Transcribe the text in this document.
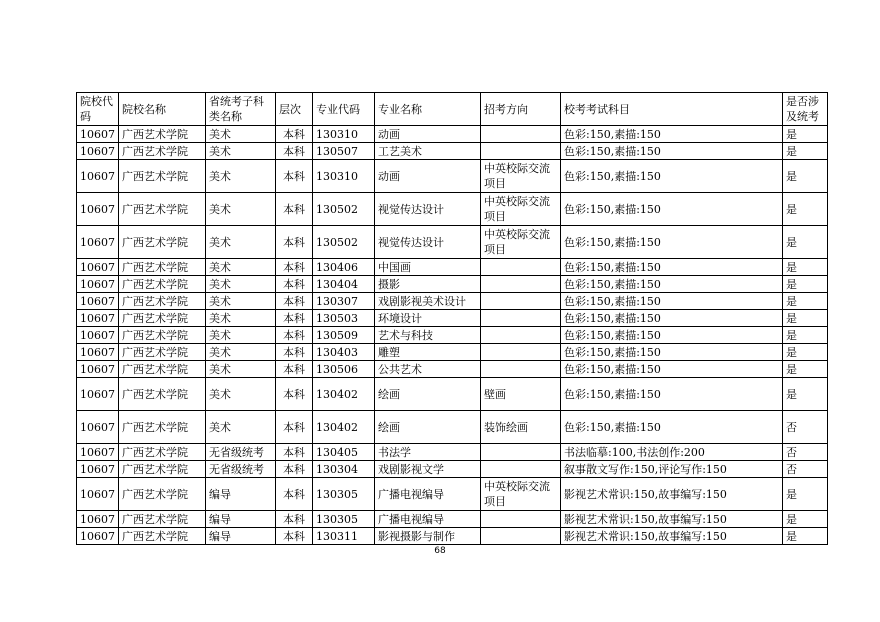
院校代码	院校名称	省统考子科类名称	层次	专业代码	专业名称	招考方向	校考考试科目	是否涉及统考

10607	广西艺术学院	美术	本科	130310	动画		色彩:150,素描:150	是
10607	广西艺术学院	美术	本科	130507	工艺美术		色彩:150,素描:150	是
10607	广西艺术学院	美术	本科	130310	动画	中英校际交流项目	色彩:150,素描:150	是
10607	广西艺术学院	美术	本科	130502	视觉传达设计	中英校际交流项目	色彩:150,素描:150	是
10607	广西艺术学院	美术	本科	130502	视觉传达设计	中英校际交流项目	色彩:150,素描:150	是
10607	广西艺术学院	美术	本科	130406	中国画		色彩:150,素描:150	是
10607	广西艺术学院	美术	本科	130404	摄影		色彩:150,素描:150	是
10607	广西艺术学院	美术	本科	130307	戏剧影视美术设计		色彩:150,素描:150	是
10607	广西艺术学院	美术	本科	130503	环境设计		色彩:150,素描:150	是
10607	广西艺术学院	美术	本科	130509	艺术与科技		色彩:150,素描:150	是
10607	广西艺术学院	美术	本科	130403	雕塑		色彩:150,素描:150	是
10607	广西艺术学院	美术	本科	130506	公共艺术		色彩:150,素描:150	是
10607	广西艺术学院	美术	本科	130402	绘画	壁画	色彩:150,素描:150	是
10607	广西艺术学院	美术	本科	130402	绘画	装饰绘画	色彩:150,素描:150	否
10607	广西艺术学院	无省级统考	本科	130405	书法学		书法临摹:100,书法创作:200	否
10607	广西艺术学院	无省级统考	本科	130304	戏剧影视文学		叙事散文写作:150,评论写作:150	否
10607	广西艺术学院	编导	本科	130305	广播电视编导	中英校际交流项目	影视艺术常识:150,故事编写:150	是
10607	广西艺术学院	编导	本科	130305	广播电视编导		影视艺术常识:150,故事编写:150	是
10607	广西艺术学院	编导	本科	130311	影视摄影与制作		影视艺术常识:150,故事编写:150	是
68
